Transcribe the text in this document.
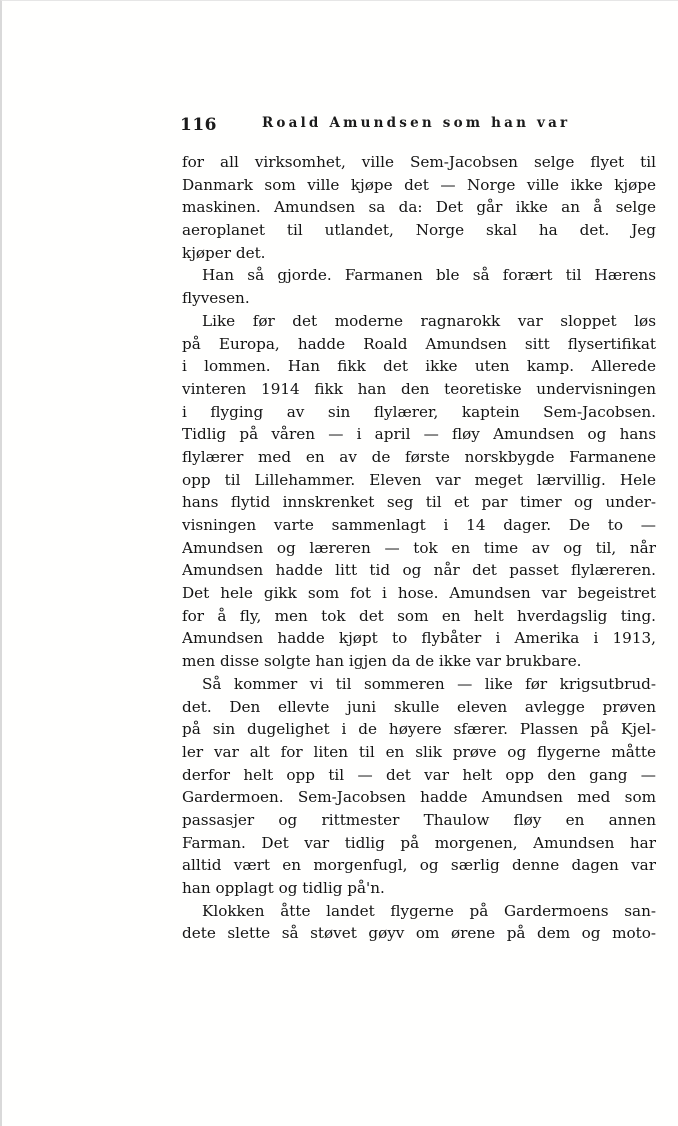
116	Roald Amundsen som han var
for all virksomhet, ville Sem-Jacobsen selge flyet til
Danmark som ville kjøpe det — Norge ville ikke kjøpe
maskinen. Amundsen sa da: Det går ikke an å selge
aeroplanet til utlandet, Norge skal ha det. Jeg
kjøper det.
Han så gjorde. Farmanen ble så forært til Hærens
flyvesen.
Like før det moderne ragnarokk var sloppet løs
på Europa, hadde Roald Amundsen sitt flysertifikat
i lommen. Han fikk det ikke uten kamp. Allerede
vinteren 1914 fikk han den teoretiske undervisningen
i flyging av sin flylærer, kaptein Sem-Jacobsen.
Tidlig på våren — i april — fløy Amundsen og hans
flylærer med en av de første norskbygde Farmanene
opp til Lillehammer. Eleven var meget lærvillig. Hele
hans flytid innskrenket seg til et par timer og under-
visningen varte sammenlagt i 14 dager. De to —
Amundsen og læreren — tok en time av og til, når
Amundsen hadde litt tid og når det passet flylæreren.
Det hele gikk som fot i hose. Amundsen var begeistret
for å fly, men tok det som en helt hverdagslig ting.
Amundsen hadde kjøpt to flybåter i Amerika i 1913,
men disse solgte han igjen da de ikke var brukbare.
Så kommer vi til sommeren — like før krigsutbrud-
det. Den ellevte juni skulle eleven avlegge prøven
på sin dugelighet i de høyere sfærer. Plassen på Kjel-
ler var alt for liten til en slik prøve og flygerne måtte
derfor helt opp til — det var helt opp den gang —
Gardermoen. Sem-Jacobsen hadde Amundsen med som
passasjer og rittmester Thaulow fløy en annen
Farman. Det var tidlig på morgenen, Amundsen har
alltid vært en morgenfugl, og særlig denne dagen var
han opplagt og tidlig på'n.
Klokken åtte landet flygerne på Gardermoens san-
dete slette så støvet gøyv om ørene på dem og moto-
